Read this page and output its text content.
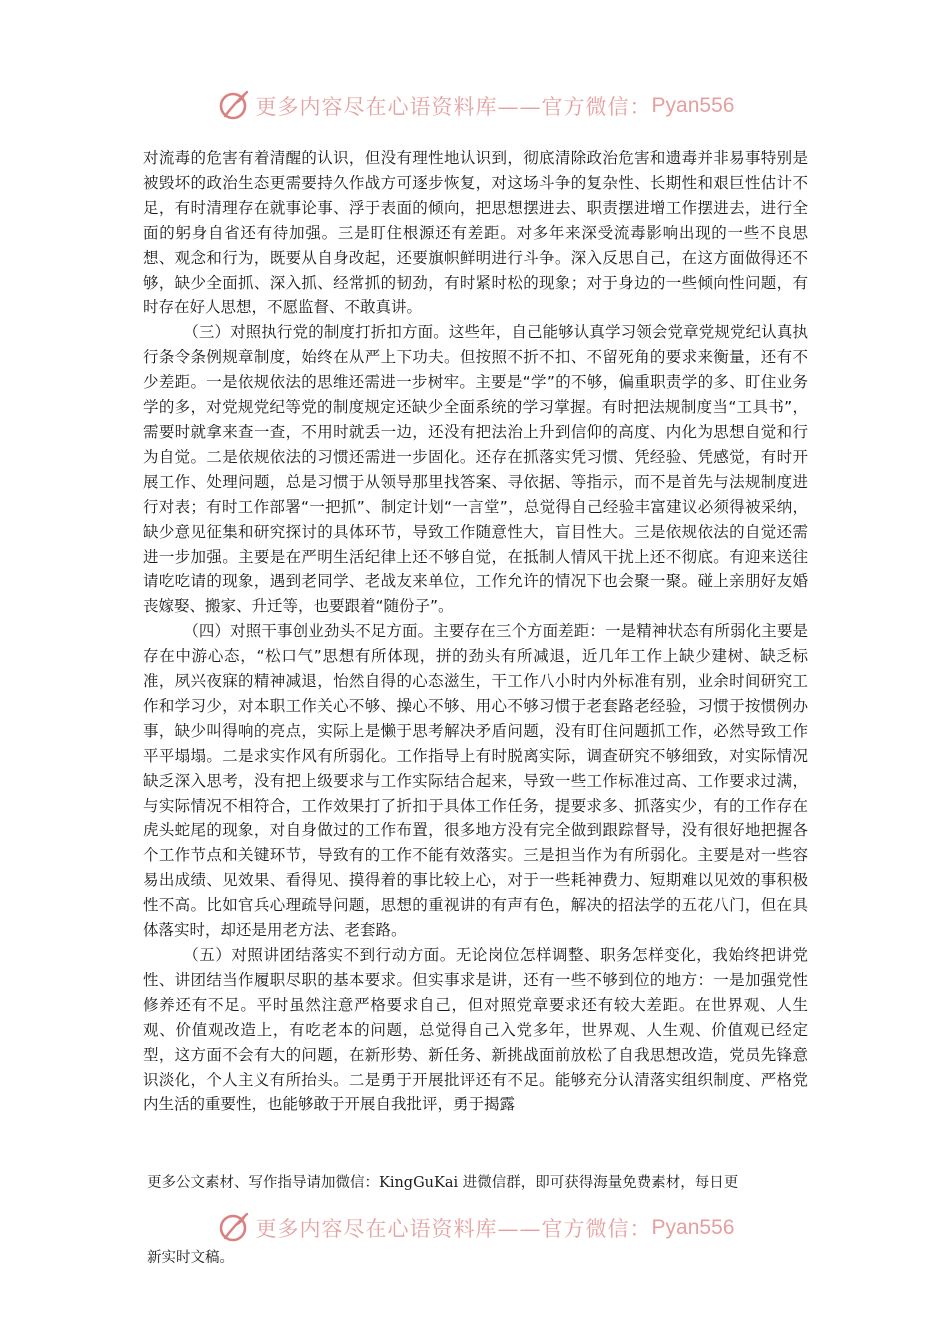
更多内容尽在心语资料库——官方微信： Pyan556

对流毒的危害有着清醒的认识，但没有理性地认识到，彻底清除政治危害和遗毒并非易事特别是被毁坏的政治生态更需要持久作战方可逐步恢复，对这场斗争的复杂性、长期性和艰巨性估计不足，有时清理存在就事论事、浮于表面的倾向，把思想摆进去、职责摆进增工作摆进去，进行全面的躬身自省还有待加强。三是盯住根源还有差距。对多年来深受流毒影响出现的一些不良思想、观念和行为，既要从自身改起，还要旗帜鲜明进行斗争。深入反思自己，在这方面做得还不够，缺少全面抓、深入抓、经常抓的韧劲，有时紧时松的现象；对于身边的一些倾向性问题，有时存在好人思想，不愿监督、不敢真讲。

（三）对照执行党的制度打折扣方面。这些年，自己能够认真学习领会党章党规党纪认真执行条令条例规章制度，始终在从严上下功夫。但按照不折不扣、不留死角的要求来衡量，还有不少差距。一是依规依法的思维还需进一步树牢。主要是“学”的不够，偏重职责学的多、盯住业务学的多，对党规党纪等党的制度规定还缺少全面系统的学习掌握。有时把法规制度当“工具书”，需要时就拿来查一查，不用时就丢一边，还没有把法治上升到信仰的高度、内化为思想自觉和行为自觉。二是依规依法的习惯还需进一步固化。还存在抓落实凭习惯、凭经验、凭感觉，有时开展工作、处理问题，总是习惯于从领导那里找答案、寻依据、等指示，而不是首先与法规制度进行对表；有时工作部署“一把抓”、制定计划“一言堂”，总觉得自己经验丰富建议必须得被采纳，缺少意见征集和研究探讨的具体环节，导致工作随意性大，盲目性大。三是依规依法的自觉还需进一步加强。主要是在严明生活纪律上还不够自觉，在抵制人情风干扰上还不彻底。有迎来送往请吃吃请的现象，遇到老同学、老战友来单位，工作允许的情况下也会聚一聚。碰上亲朋好友婚丧嫁娶、搬家、升迁等，也要跟着“随份子”。

（四）对照干事创业劲头不足方面。主要存在三个方面差距：一是精神状态有所弱化主要是存在中游心态，“松口气”思想有所体现，拼的劲头有所减退，近几年工作上缺少建树、缺乏标准，夙兴夜寐的精神减退，怡然自得的心态滋生，干工作八小时内外标准有别，业余时间研究工作和学习少，对本职工作关心不够、操心不够、用心不够习惯于老套路老经验，习惯于按惯例办事，缺少叫得响的亮点，实际上是懒于思考解决矛盾问题，没有盯住问题抓工作，必然导致工作平平塌塌。二是求实作风有所弱化。工作指导上有时脱离实际，调查研究不够细致，对实际情况缺乏深入思考，没有把上级要求与工作实际结合起来，导致一些工作标准过高、工作要求过满，与实际情况不相符合，工作效果打了折扣于具体工作任务，提要求多、抓落实少，有的工作存在虎头蛇尾的现象，对自身做过的工作布置，很多地方没有完全做到跟踪督导，没有很好地把握各个工作节点和关键环节，导致有的工作不能有效落实。三是担当作为有所弱化。主要是对一些容易出成绩、见效果、看得见、摸得着的事比较上心，对于一些耗神费力、短期难以见效的事积极性不高。比如官兵心理疏导问题，思想的重视讲的有声有色，解决的招法学的五花八门，但在具体落实时，却还是用老方法、老套路。

（五）对照讲团结落实不到行动方面。无论岗位怎样调整、职务怎样变化，我始终把讲党性、讲团结当作履职尽职的基本要求。但实事求是讲，还有一些不够到位的地方：一是加强党性修养还有不足。平时虽然注意严格要求自己，但对照党章要求还有较大差距。在世界观、人生观、价值观改造上，有吃老本的问题，总觉得自己入党多年，世界观、人生观、价值观已经定型，这方面不会有大的问题，在新形势、新任务、新挑战面前放松了自我思想改造，党员先锋意识淡化，个人主义有所抬头。二是勇于开展批评还有不足。能够充分认清落实组织制度、严格党内生活的重要性，也能够敢于开展自我批评，勇于揭露

更多公文素材、写作指导请加微信：KingGuKai 进微信群，即可获得海量免费素材，每日更
更多内容尽在心语资料库——官方微信： Pyan556
新实时文稿。
